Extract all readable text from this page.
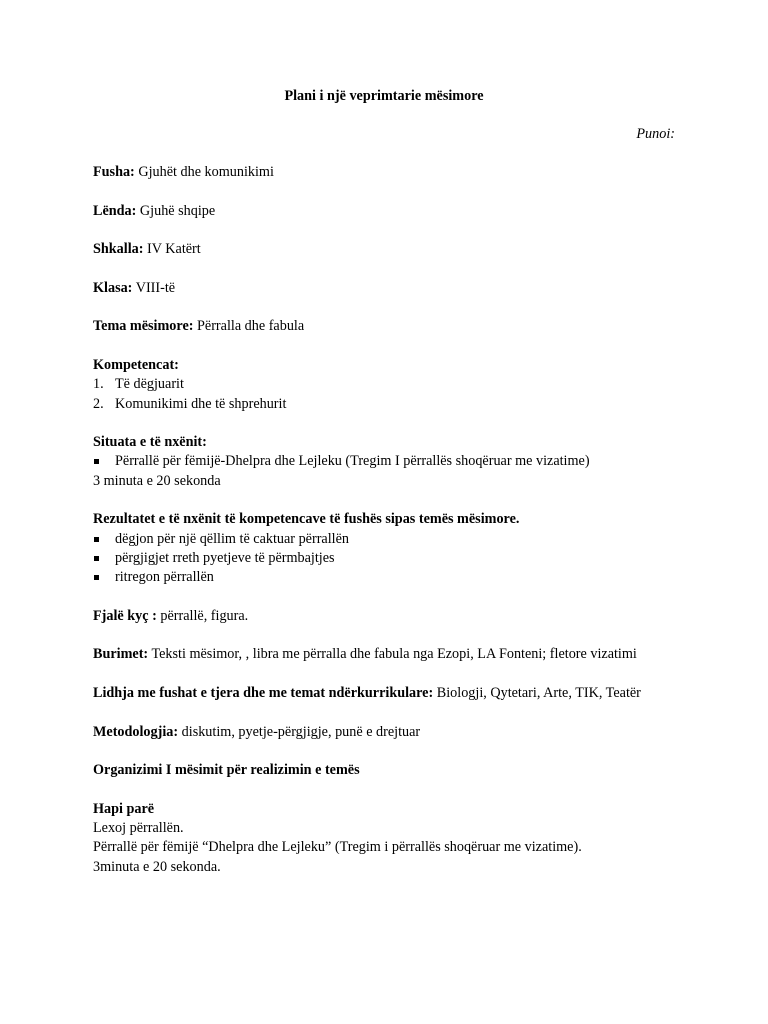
Plani i një veprimtarie mësimore
Punoi:

Fusha: Gjuhët dhe komunikimi

Lënda: Gjuhë shqipe

Shkalla: IV Katërt

Klasa: VIII-të

Tema mësimore: Përralla dhe fabula

Kompetencat:

1. Të dëgjuarit
2. Komunikimi dhe të shprehurit

Situata e të nxënit:

Përrallë për fëmijë-Dhelpra dhe Lejleku (Tregim I përrallës shoqëruar me vizatime)

3 minuta e 20 sekonda

Rezultatet e të nxënit të kompetencave të fushës sipas temës mësimore.

dëgjon për një qëllim të caktuar përrallën
përgjigjet rreth pyetjeve të përmbajtjes
ritregon përrallën

Fjalë kyç : përrallë, figura.

Burimet: Teksti mësimor, , libra me përralla dhe fabula nga Ezopi, LA Fonteni; fletore vizatimi

Lidhja me fushat e tjera dhe me temat ndërkurrikulare: Biologji, Qytetari, Arte, TIK, Teatër

Metodologjia: diskutim, pyetje-përgjigje, punë e drejtuar

Organizimi I mësimit për realizimin e temës

Hapi parë

Lexoj përrallën.

Përrallë për fëmijë “Dhelpra dhe Lejleku” (Tregim i përrallës shoqëruar me vizatime).

3minuta e 20 sekonda.
